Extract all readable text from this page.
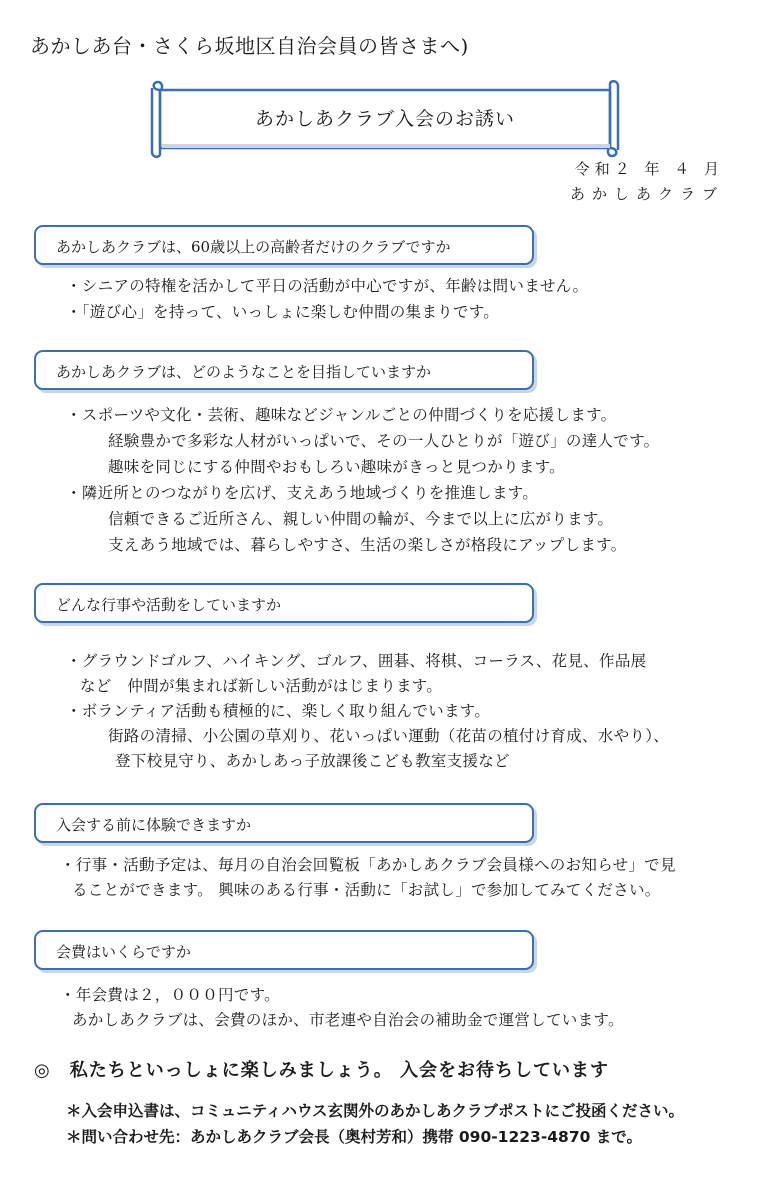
あかしあ台・さくら坂地区自治会員の皆さまへ)
あかしあクラブ入会のお誘い
令和２ 年 ４ 月
あかしあクラブ
あかしあクラブは、60歳以上の高齢者だけのクラブですか
・シニアの特権を活かして平日の活動が中心ですが、年齢は問いません。
・「遊び心」を持って、いっしょに楽しむ仲間の集まりです。
あかしあクラブは、どのようなことを目指していますか
・スポーツや文化・芸術、趣味などジャンルごとの仲間づくりを応援します。
経験豊かで多彩な人材がいっぱいで、その一人ひとりが「遊び」の達人です。
趣味を同じにする仲間やおもしろい趣味がきっと見つかります。
・隣近所とのつながりを広げ、支えあう地域づくりを推進します。
信頼できるご近所さん、親しい仲間の輪が、今まで以上に広がります。
支えあう地域では、暮らしやすさ、生活の楽しさが格段にアップします。
どんな行事や活動をしていますか
・グラウンドゴルフ、ハイキング、ゴルフ、囲碁、将棋、コーラス、花見、作品展
など　仲間が集まれば新しい活動がはじまります。
・ボランティア活動も積極的に、楽しく取り組んでいます。
街路の清掃、小公園の草刈り、花いっぱい運動（花苗の植付け育成、水やり）、
登下校見守り、あかしあっ子放課後こども教室支援など
入会する前に体験できますか
・行事・活動予定は、毎月の自治会回覧板「あかしあクラブ会員様へのお知らせ」で見
ることができます。 興味のある行事・活動に「お試し」で参加してみてください。
会費はいくらですか
・年会費は２，０００円です。
あかしあクラブは、会費のほか、市老連や自治会の補助金で運営しています。
◎　私たちといっしょに楽しみましょう。 入会をお待ちしています
＊入会申込書は、コミュニティハウス玄関外のあかしあクラブポストにご投函ください。
＊問い合わせ先：あかしあクラブ会長（奥村芳和）携帯 090-1223-4870 まで。
